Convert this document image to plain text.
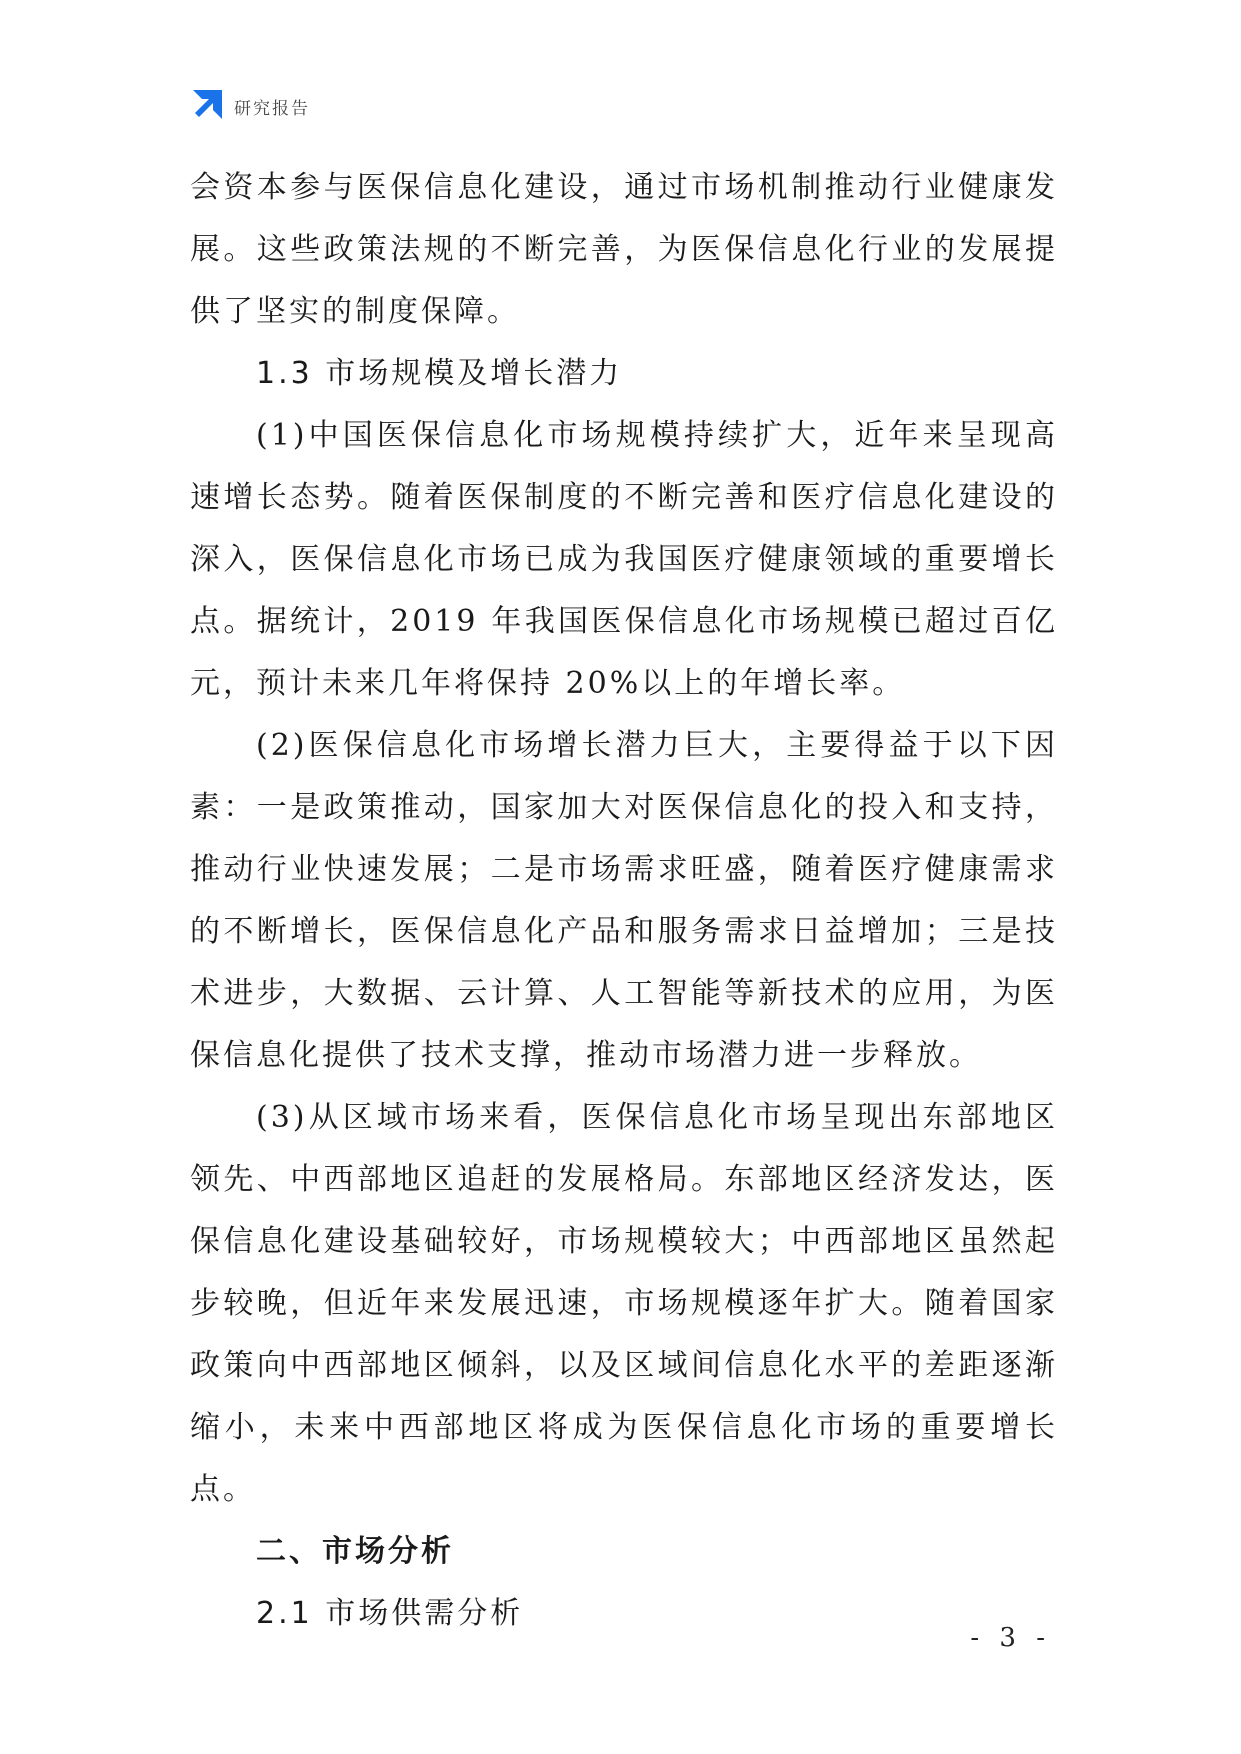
研究报告

会资本参与医保信息化建设，通过市场机制推动行业健康发展。这些政策法规的不断完善，为医保信息化行业的发展提供了坚实的制度保障。

1.3 市场规模及增长潜力

(1)中国医保信息化市场规模持续扩大，近年来呈现高速增长态势。随着医保制度的不断完善和医疗信息化建设的深入，医保信息化市场已成为我国医疗健康领域的重要增长点。据统计，2019 年我国医保信息化市场规模已超过百亿元，预计未来几年将保持 20%以上的年增长率。

(2)医保信息化市场增长潜力巨大，主要得益于以下因素：一是政策推动，国家加大对医保信息化的投入和支持，推动行业快速发展；二是市场需求旺盛，随着医疗健康需求的不断增长，医保信息化产品和服务需求日益增加；三是技术进步，大数据、云计算、人工智能等新技术的应用，为医保信息化提供了技术支撑，推动市场潜力进一步释放。

(3)从区域市场来看，医保信息化市场呈现出东部地区领先、中西部地区追赶的发展格局。东部地区经济发达，医保信息化建设基础较好，市场规模较大；中西部地区虽然起步较晚，但近年来发展迅速，市场规模逐年扩大。随着国家政策向中西部地区倾斜，以及区域间信息化水平的差距逐渐缩小，未来中西部地区将成为医保信息化市场的重要增长点。

二、市场分析

2.1 市场供需分析

- 3 -
